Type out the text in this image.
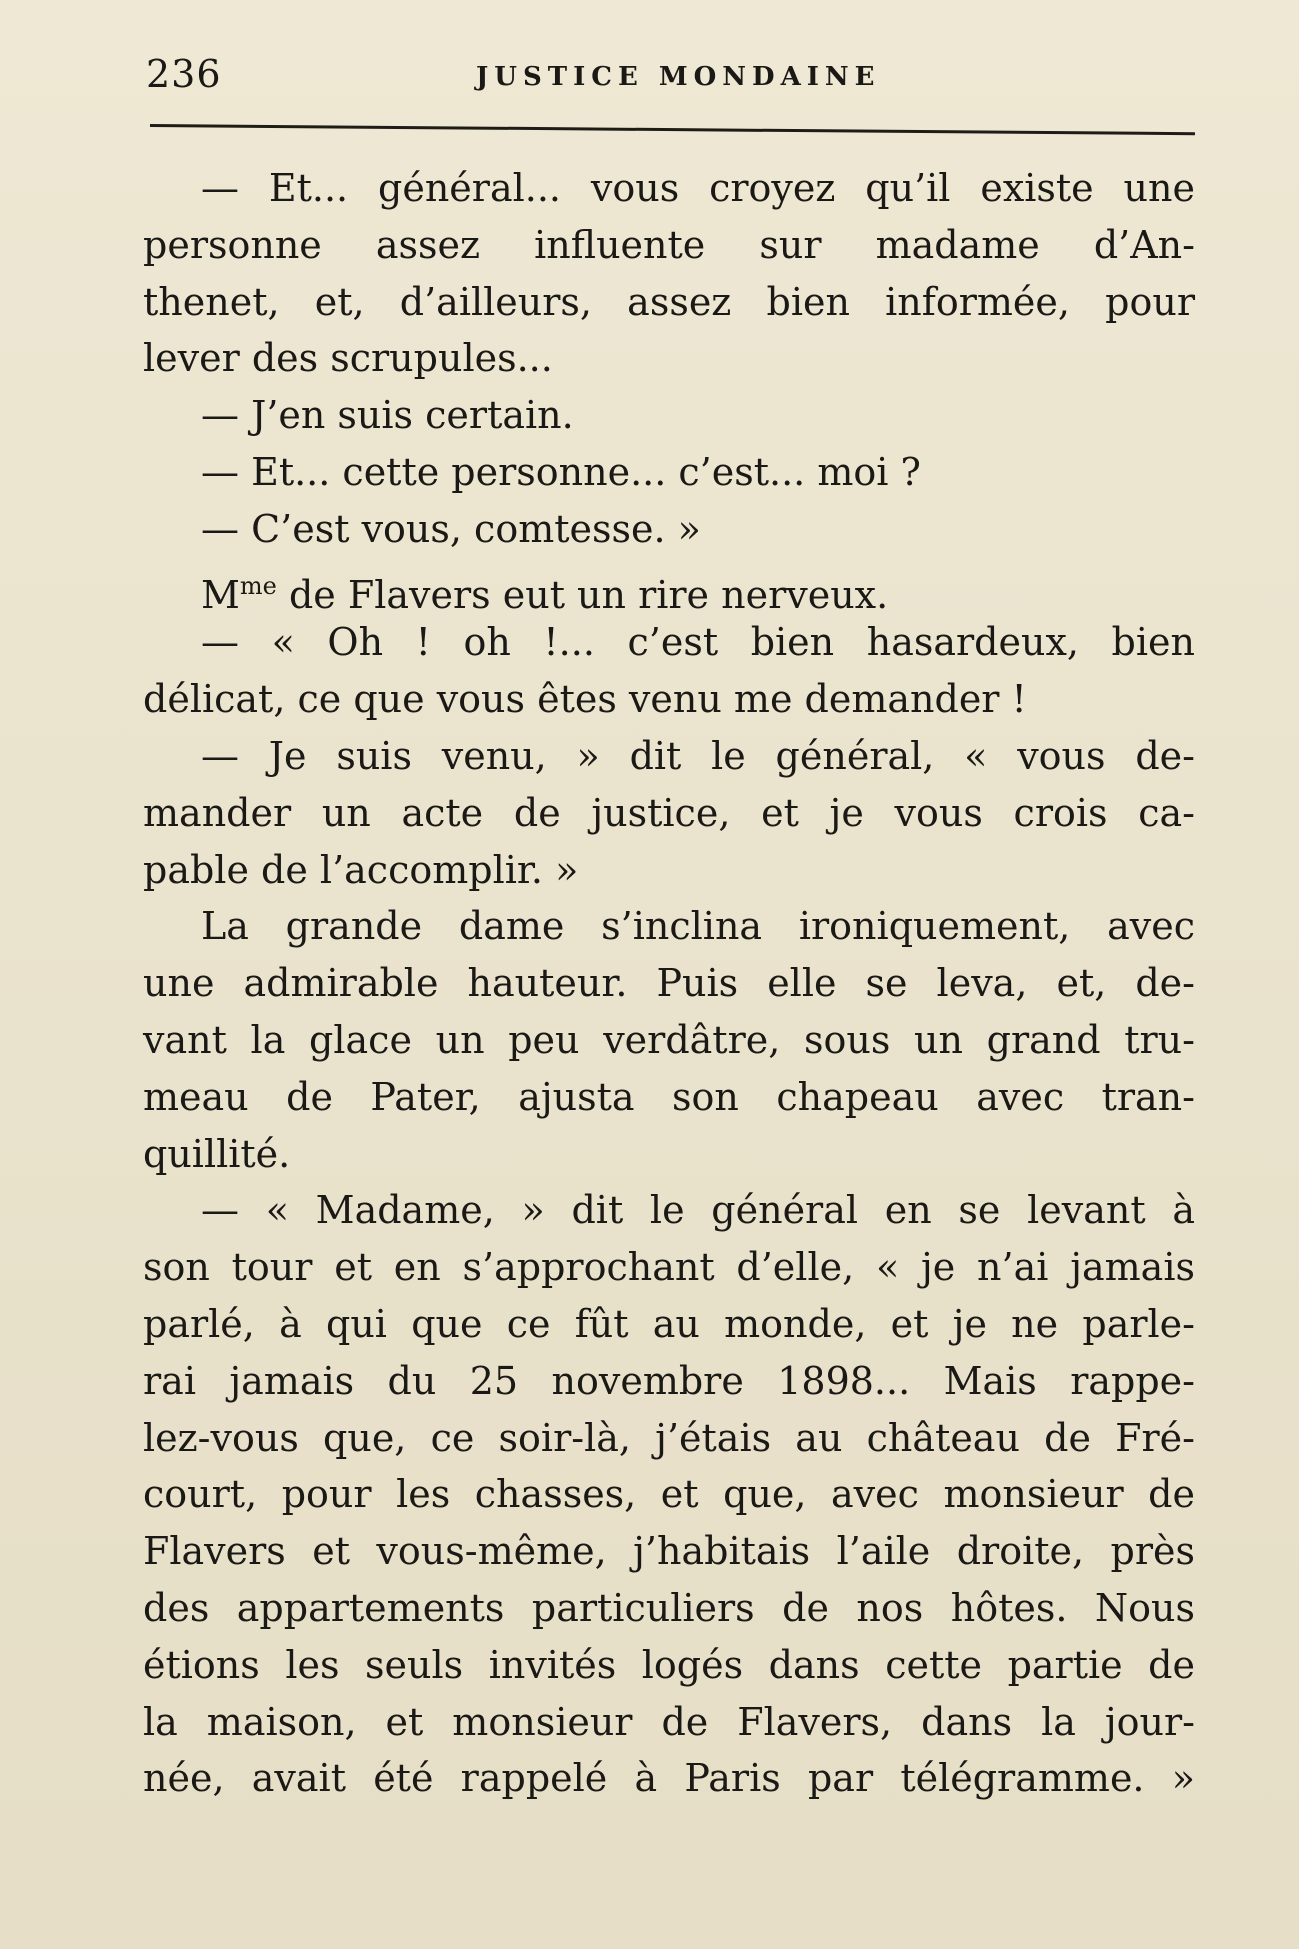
236	JUSTICE MONDAINE
— Et... général... vous croyez qu’il existe une
personne assez influente sur madame d’An-
thenet, et, d’ailleurs, assez bien informée, pour
lever des scrupules...
— J’en suis certain.
— Et... cette personne... c’est... moi ?
— C’est vous, comtesse. »
$M^{me}$ de Flavers eut un rire nerveux.
— « Oh ! oh !... c’est bien hasardeux, bien
délicat, ce que vous êtes venu me demander !
— Je suis venu, » dit le général, « vous de-
mander un acte de justice, et je vous crois ca-
pable de l’accomplir. »
La grande dame s’inclina ironiquement, avec
une admirable hauteur. Puis elle se leva, et, de-
vant la glace un peu verdâtre, sous un grand tru-
meau de Pater, ajusta son chapeau avec tran-
quillité.
— « Madame, » dit le général en se levant à
son tour et en s’approchant d’elle, « je n’ai jamais
parlé, à qui que ce fût au monde, et je ne parle-
rai jamais du 25 novembre 1898... Mais rappe-
lez-vous que, ce soir-là, j’étais au château de Fré-
court, pour les chasses, et que, avec monsieur de
Flavers et vous-même, j’habitais l’aile droite, près
des appartements particuliers de nos hôtes. Nous
étions les seuls invités logés dans cette partie de
la maison, et monsieur de Flavers, dans la jour-
née, avait été rappelé à Paris par télégramme. »
